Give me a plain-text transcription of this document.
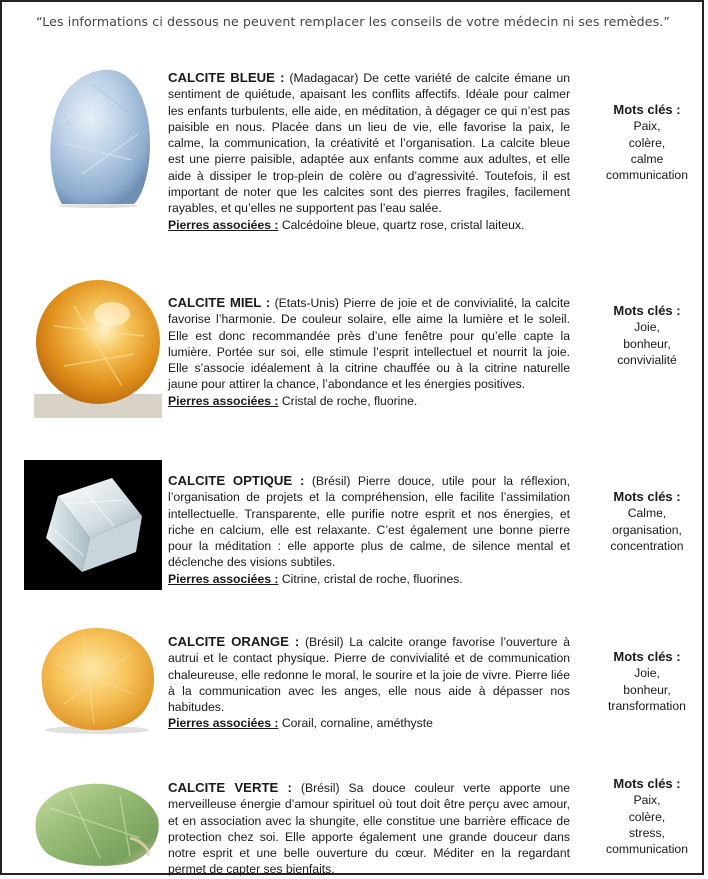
“Les informations ci dessous ne peuvent remplacer les conseils de votre médecin ni ses remèdes.”
CALCITE BLEUE : (Madagacar) De cette variété de calcite émane un sentiment de quiétude, apaisant les conflits affectifs. Idéale pour calmer les enfants turbulents, elle aide, en méditation, à dégager ce qui n’est pas paisible en nous. Placée dans un lieu de vie, elle favorise la paix, le calme, la communication, la créativité et l’organisation. La calcite bleue est une pierre paisible, adaptée aux enfants comme aux adultes, et elle aide à dissiper le trop-plein de colère ou d’agressivité. Toutefois, il est important de noter que les calcites sont des pierres fragiles, facilement rayables, et qu’elles ne supportent pas l’eau salée.
Pierres associées : Calcédoine bleue, quartz rose, cristal laiteux.
Mots clés :
Paix,
colère,
calme
communication
CALCITE MIEL : (Etats-Unis) Pierre de joie et de convivialité, la calcite favorise l’harmonie. De couleur solaire, elle aime la lumière et le soleil. Elle est donc recommandée près d’une fenêtre pour qu’elle capte la lumière. Portée sur soi, elle stimule l’esprit intellectuel et nourrit la joie. Elle s’associe idéalement à la citrine chauffée ou à la citrine naturelle jaune pour attirer la chance, l’abondance et les énergies positives.
Pierres associées : Cristal de roche, fluorine.
Mots clés :
Joie,
bonheur,
convivialité
CALCITE OPTIQUE : (Brésil) Pierre douce, utile pour la réflexion, l’organisation de projets et la compréhension, elle facilite l’assimilation intellectuelle. Transparente, elle purifie notre esprit et nos énergies, et riche en calcium, elle est relaxante. C’est également une bonne pierre pour la méditation : elle apporte plus de calme, de silence mental et déclenche des visions subtiles.
Pierres associées : Citrine, cristal de roche, fluorines.
Mots clés :
Calme,
organisation,
concentration
CALCITE ORANGE : (Brésil) La calcite orange favorise l’ouverture à autrui et le contact physique. Pierre de convivialité et de communication chaleureuse, elle redonne le moral, le sourire et la joie de vivre. Pierre liée à la communication avec les anges, elle nous aide à dépasser nos habitudes.
Pierres associées : Corail, cornaline, améthyste
Mots clés :
Joie,
bonheur,
transformation
CALCITE VERTE : (Brésil) Sa douce couleur verte apporte une merveilleuse énergie d’amour spirituel où tout doit être perçu avec amour, et en association avec la shungite, elle constitue une barrière efficace de protection chez soi. Elle apporte également une grande douceur dans notre esprit et une belle ouverture du cœur. Méditer en la regardant permet de capter ses bienfaits.
Mots clés :
Paix,
colère,
stress,
communication
